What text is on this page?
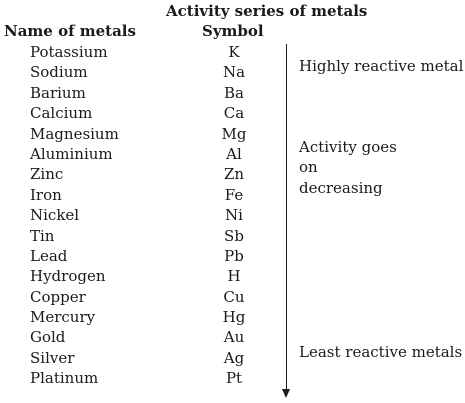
Activity series of metals
Name of metals	Symbol
Potassium	K
Sodium	Na
Barium	Ba
Calcium	Ca
Magnesium	Mg
Aluminium	Al
Zinc	Zn
Iron	Fe
Nickel	Ni
Tin	Sb
Lead	Pb
Hydrogen	H
Copper	Cu
Mercury	Hg
Gold	Au
Silver	Ag
Platinum	Pt
Highly reactive metal
Activity goes
on
decreasing
Least reactive metals
